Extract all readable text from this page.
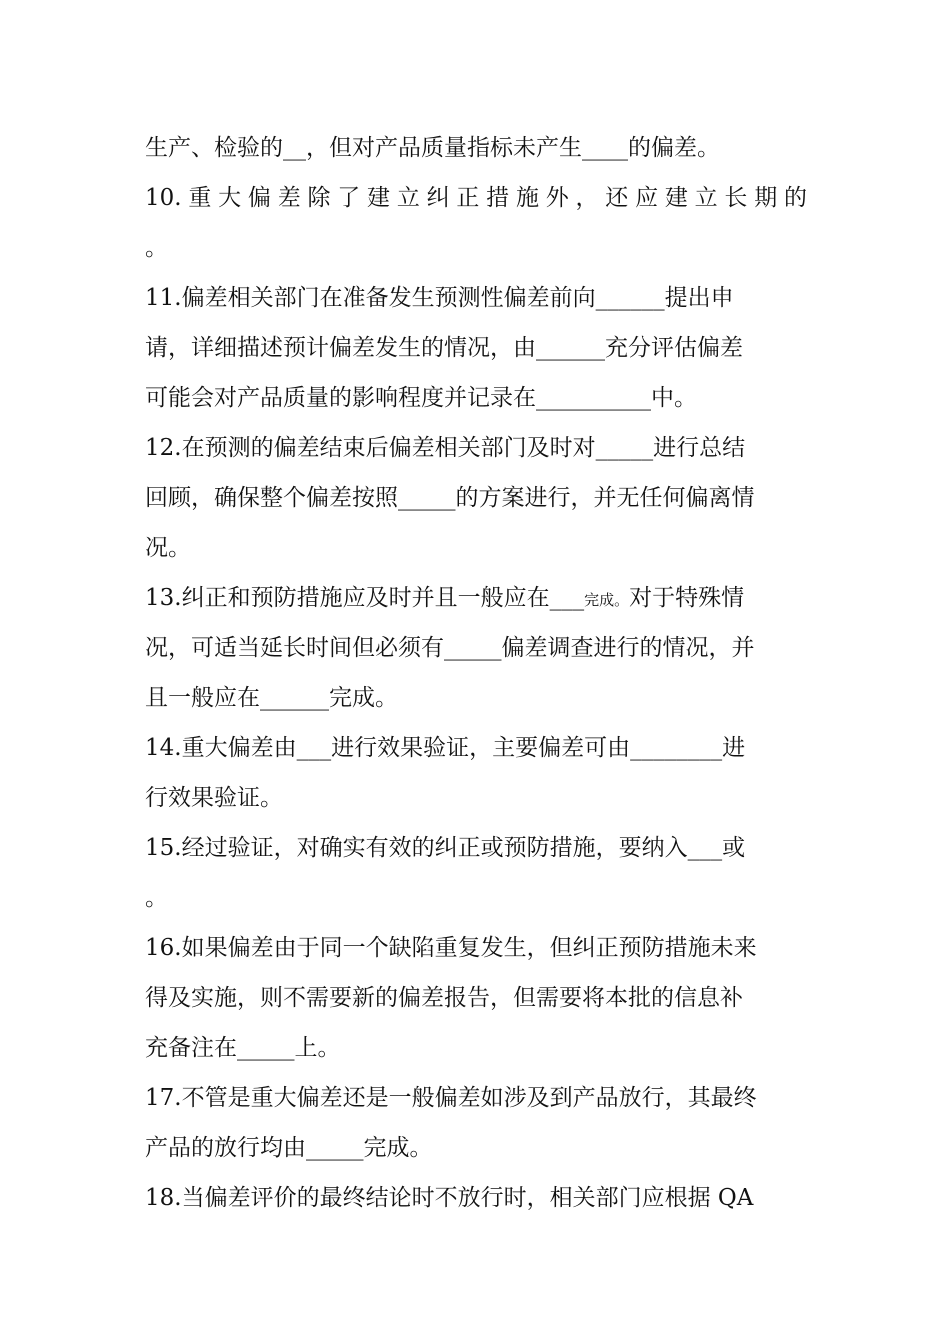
生产、检验的__，但对产品质量指标未产生____的偏差。
10.重大偏差除了建立纠正措施外，还应建立长期的
。
11.偏差相关部门在准备发生预测性偏差前向______提出申
请，详细描述预计偏差发生的情况，由______充分评估偏差
可能会对产品质量的影响程度并记录在__________中。
12.在预测的偏差结束后偏差相关部门及时对_____进行总结
回顾，确保整个偏差按照_____的方案进行，并无任何偏离情
况。
13.纠正和预防措施应及时并且一般应在___完成。对于特殊情
况，可适当延长时间但必须有_____偏差调查进行的情况，并
且一般应在______完成。
14.重大偏差由___进行效果验证，主要偏差可由________进
行效果验证。
15.经过验证，对确实有效的纠正或预防措施，要纳入___或
。
16.如果偏差由于同一个缺陷重复发生，但纠正预防措施未来
得及实施，则不需要新的偏差报告，但需要将本批的信息补
充备注在_____上。
17.不管是重大偏差还是一般偏差如涉及到产品放行，其最终
产品的放行均由_____完成。
18.当偏差评价的最终结论时不放行时，相关部门应根据 QA
